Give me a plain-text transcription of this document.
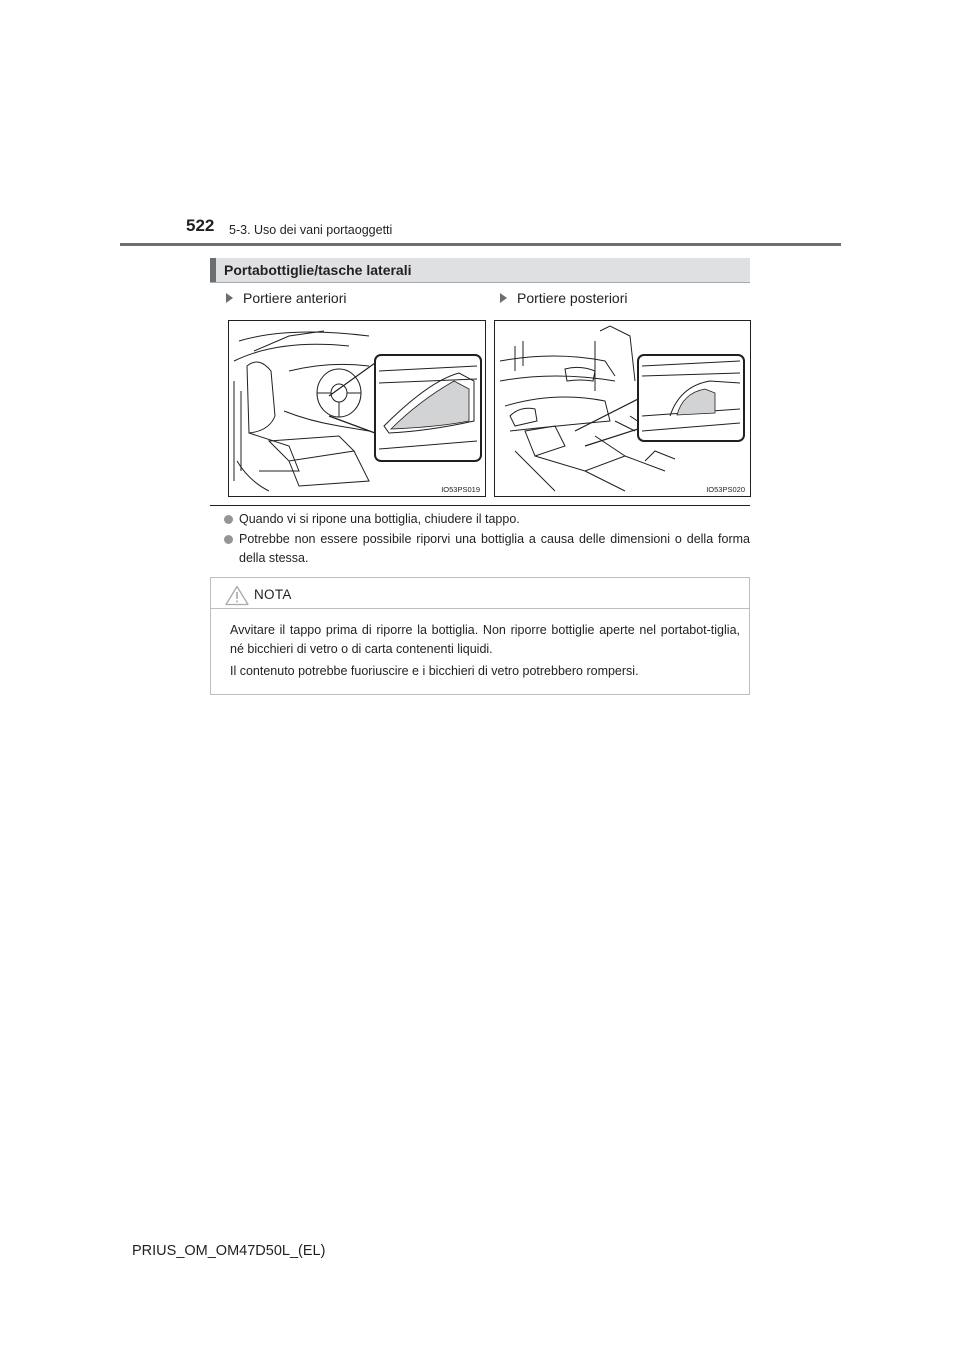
522 5-3. Uso dei vani portaoggetti
Portabottiglie/tasche laterali
Portiere anteriori	Portiere posteriori
IO53PS019	IO53PS020
Quando vi si ripone una bottiglia, chiudere il tappo.
Potrebbe non essere possibile riporvi una bottiglia a causa delle dimensioni o della forma della stessa.
NOTA
Avvitare il tappo prima di riporre la bottiglia. Non riporre bottiglie aperte nel portabot-tiglia, né bicchieri di vetro o di carta contenenti liquidi.
Il contenuto potrebbe fuoriuscire e i bicchieri di vetro potrebbero rompersi.
PRIUS_OM_OM47D50L_(EL)
